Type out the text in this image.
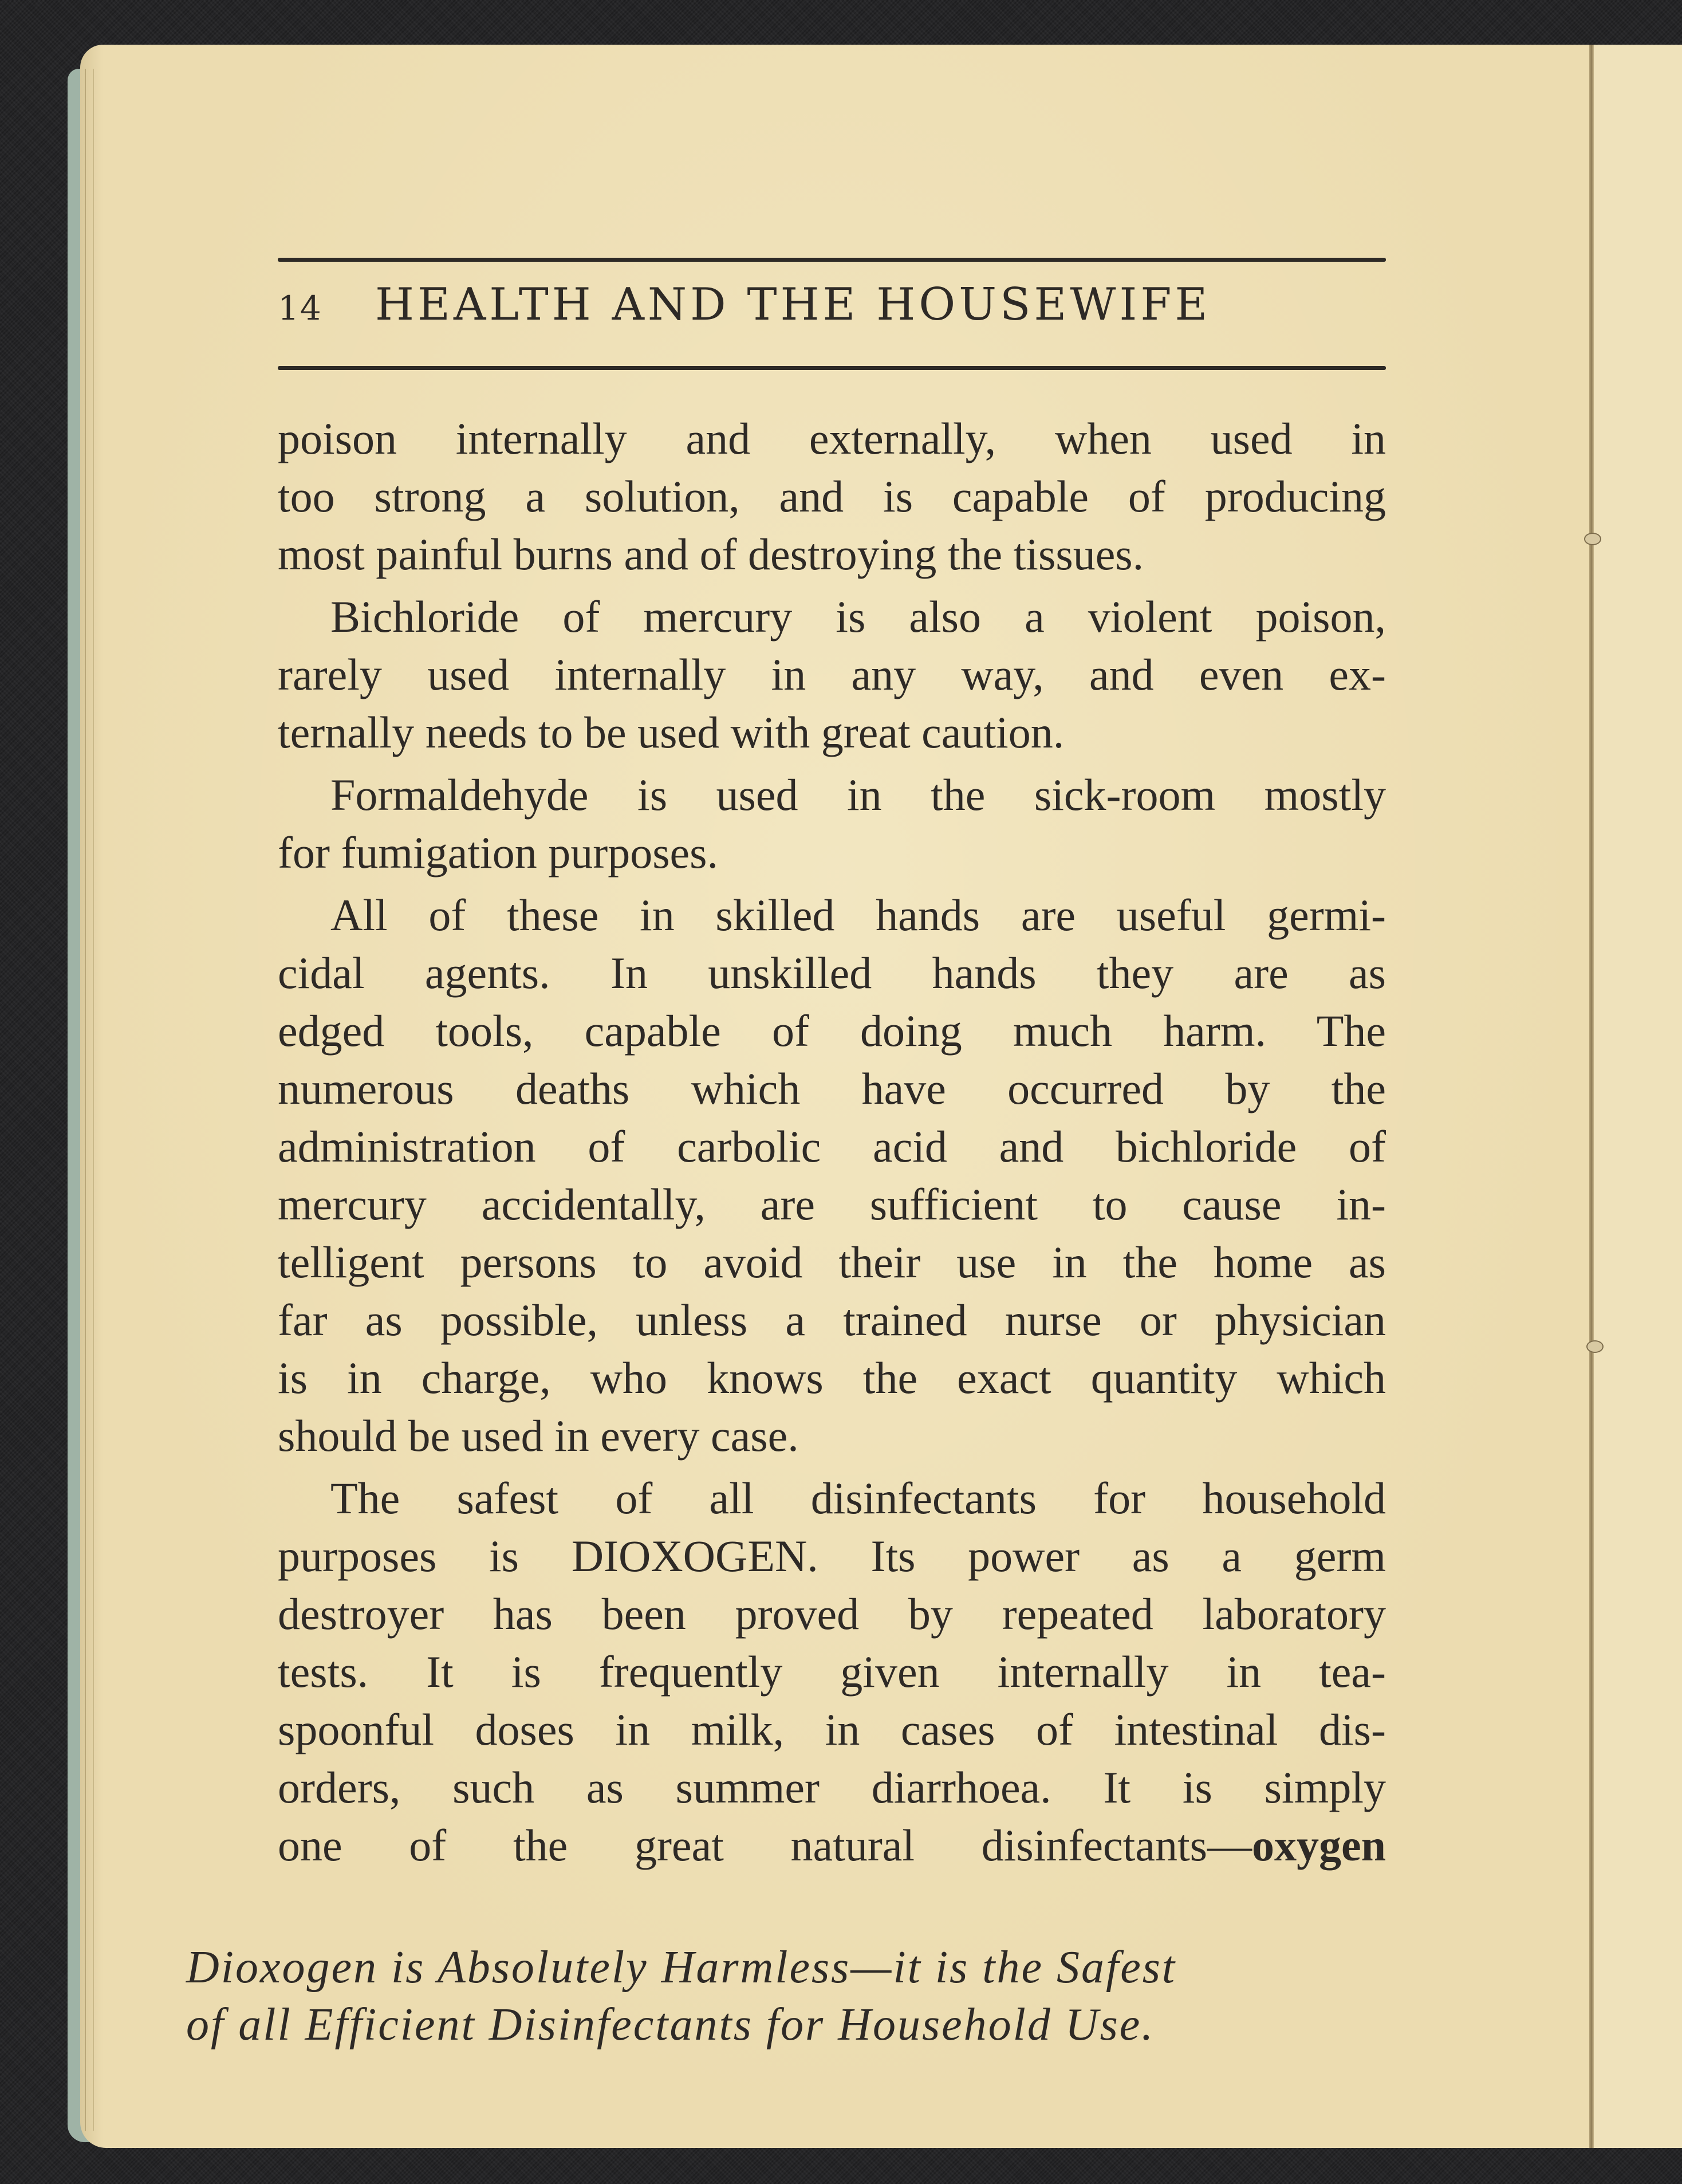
14	HEALTH AND THE HOUSEWIFE
poison internally and externally, when used in
too strong a solution, and is capable of producing
most painful burns and of destroying the tissues.
Bichloride of mercury is also a violent poison,
rarely used internally in any way, and even ex-
ternally needs to be used with great caution.
Formaldehyde is used in the sick-room mostly
for fumigation purposes.
All of these in skilled hands are useful germi-
cidal agents. In unskilled hands they are as
edged tools, capable of doing much harm. The
numerous deaths which have occurred by the
administration of carbolic acid and bichloride of
mercury accidentally, are sufficient to cause in-
telligent persons to avoid their use in the home as
far as possible, unless a trained nurse or physician
is in charge, who knows the exact quantity which
should be used in every case.
The safest of all disinfectants for household
purposes is DIOXOGEN. Its power as a germ
destroyer has been proved by repeated laboratory
tests. It is frequently given internally in tea-
spoonful doses in milk, in cases of intestinal dis-
orders, such as summer diarrhoea. It is simply
one of the great natural disinfectants—oxygen
Dioxogen is Absolutely Harmless—it is the Safest
of all Efficient Disinfectants for Household Use.
